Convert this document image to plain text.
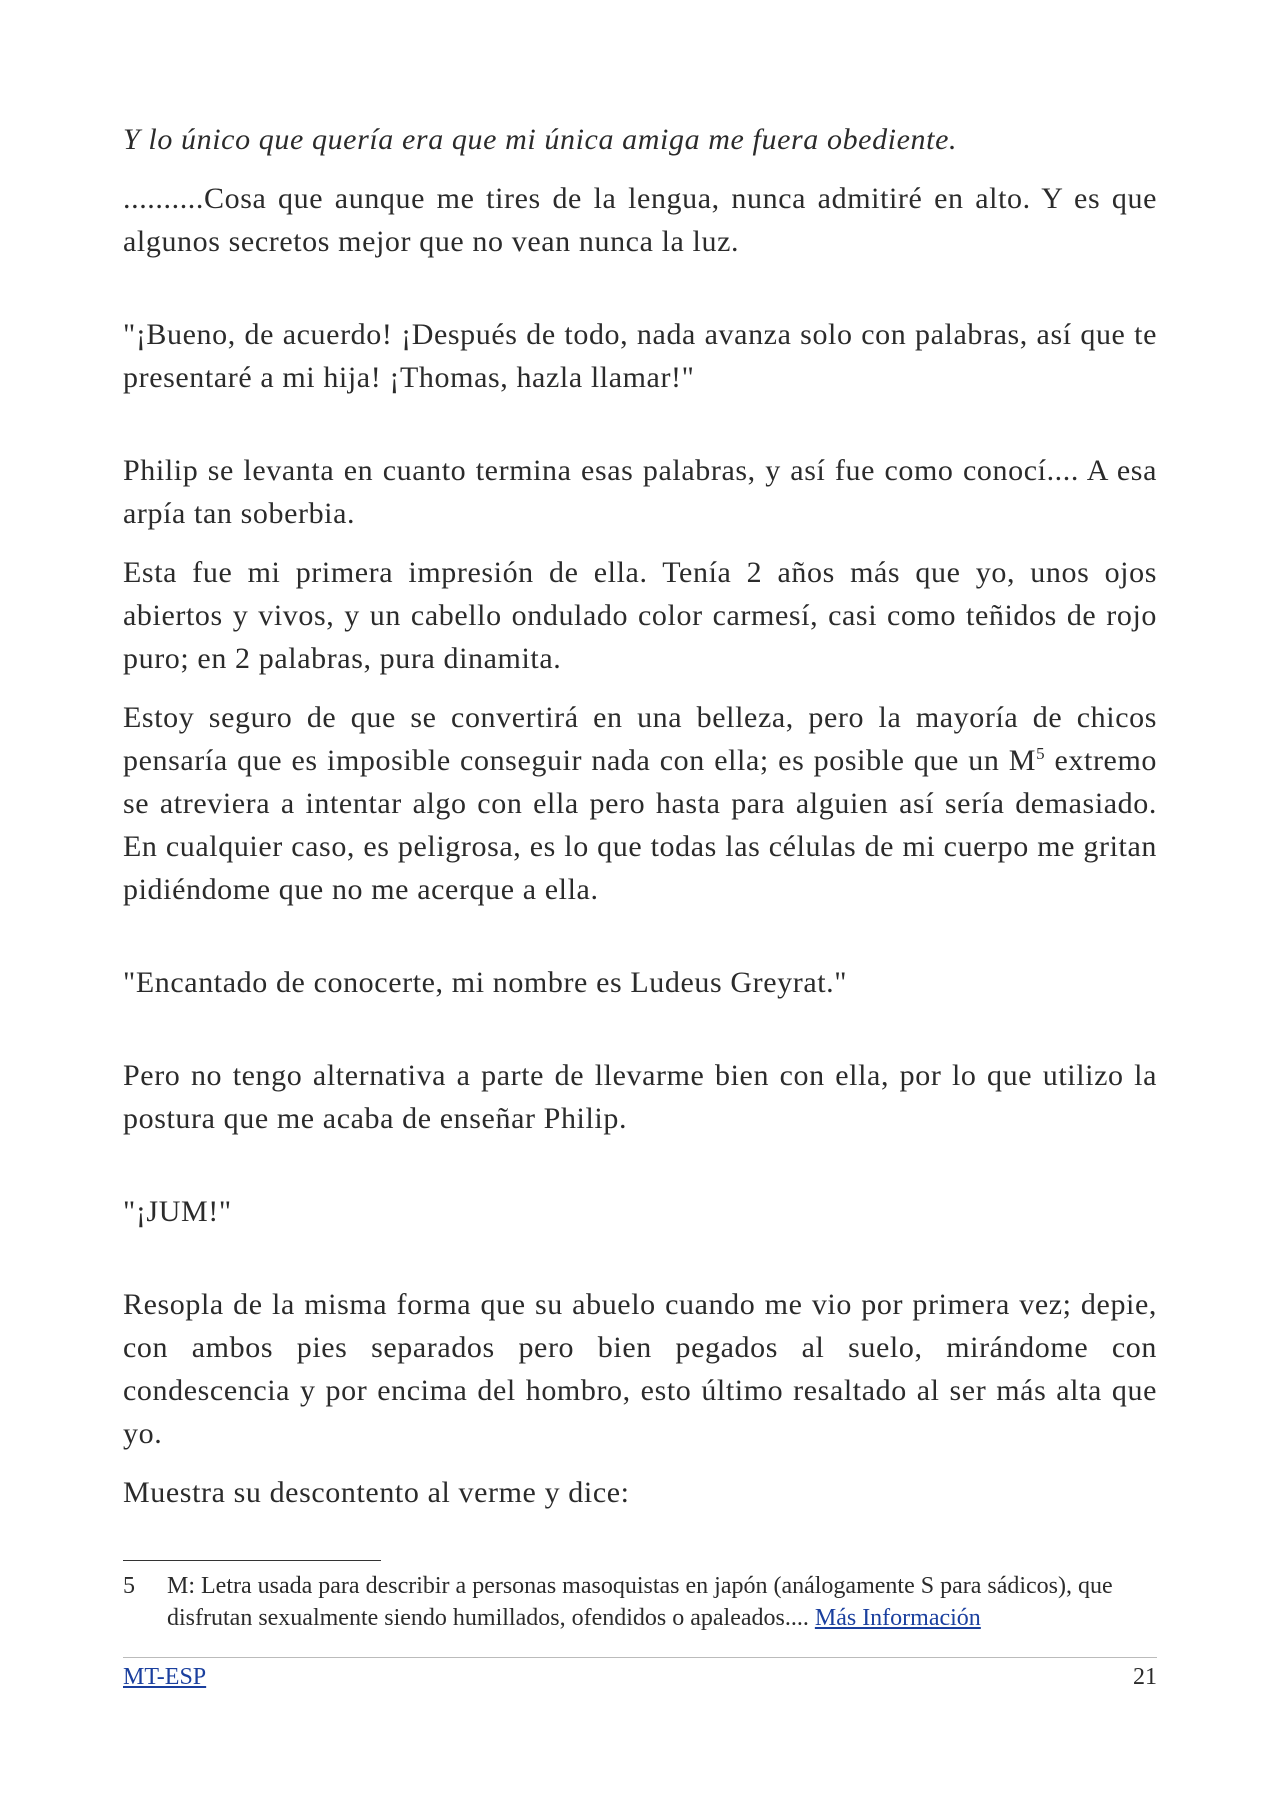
Y lo único que quería era que mi única amiga me fuera obediente.

..........Cosa que aunque me tires de la lengua, nunca admitiré en alto. Y es que algunos secretos mejor que no vean nunca la luz.

"¡Bueno, de acuerdo! ¡Después de todo, nada avanza solo con palabras, así que te presentaré a mi hija! ¡Thomas, hazla llamar!"

Philip se levanta en cuanto termina esas palabras, y así fue como conocí.... A esa arpía tan soberbia.

Esta fue mi primera impresión de ella. Tenía 2 años más que yo, unos ojos abiertos y vivos, y un cabello ondulado color carmesí, casi como teñidos de rojo puro; en 2 palabras, pura dinamita.

Estoy seguro de que se convertirá en una belleza, pero la mayoría de chicos pensaría que es imposible conseguir nada con ella; es posible que un $M^5$ extremo se atreviera a intentar algo con ella pero hasta para alguien así sería demasiado. En cualquier caso, es peligrosa, es lo que todas las células de mi cuerpo me gritan pidiéndome que no me acerque a ella.

"Encantado de conocerte, mi nombre es Ludeus Greyrat."

Pero no tengo alternativa a parte de llevarme bien con ella, por lo que utilizo la postura que me acaba de enseñar Philip.

"¡JUM!"

Resopla de la misma forma que su abuelo cuando me vio por primera vez; depie, con ambos pies separados pero bien pegados al suelo, mirándome con condescencia y por encima del hombro, esto último resaltado al ser más alta que yo.

Muestra su descontento al verme y dice:

5 M: Letra usada para describir a personas masoquistas en japón (análogamente S para sádicos), que disfrutan sexualmente siendo humillados, ofendidos o apaleados.... Más Información
MT-ESP	21
